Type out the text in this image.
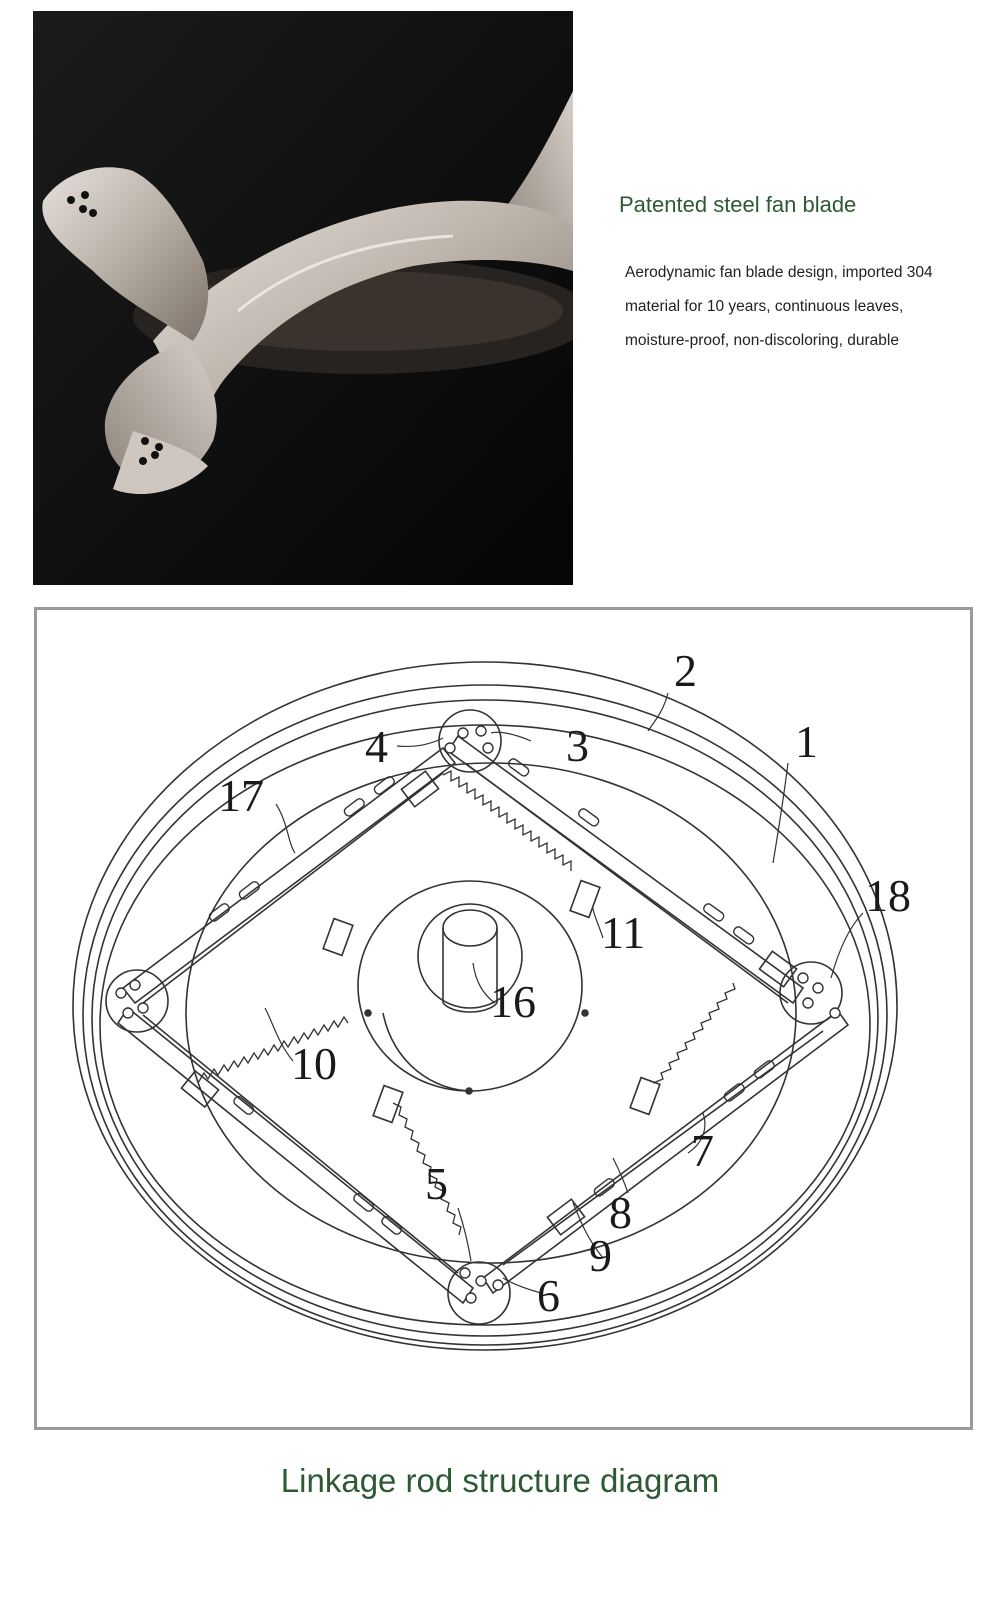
Patented steel fan blade
Aerodynamic fan blade design, imported 304
material for 10 years, continuous leaves,
moisture-proof, non-discoloring, durable
2
1
3
4
17
18
11
16
10
7
5
8
9
6
Linkage rod structure diagram
